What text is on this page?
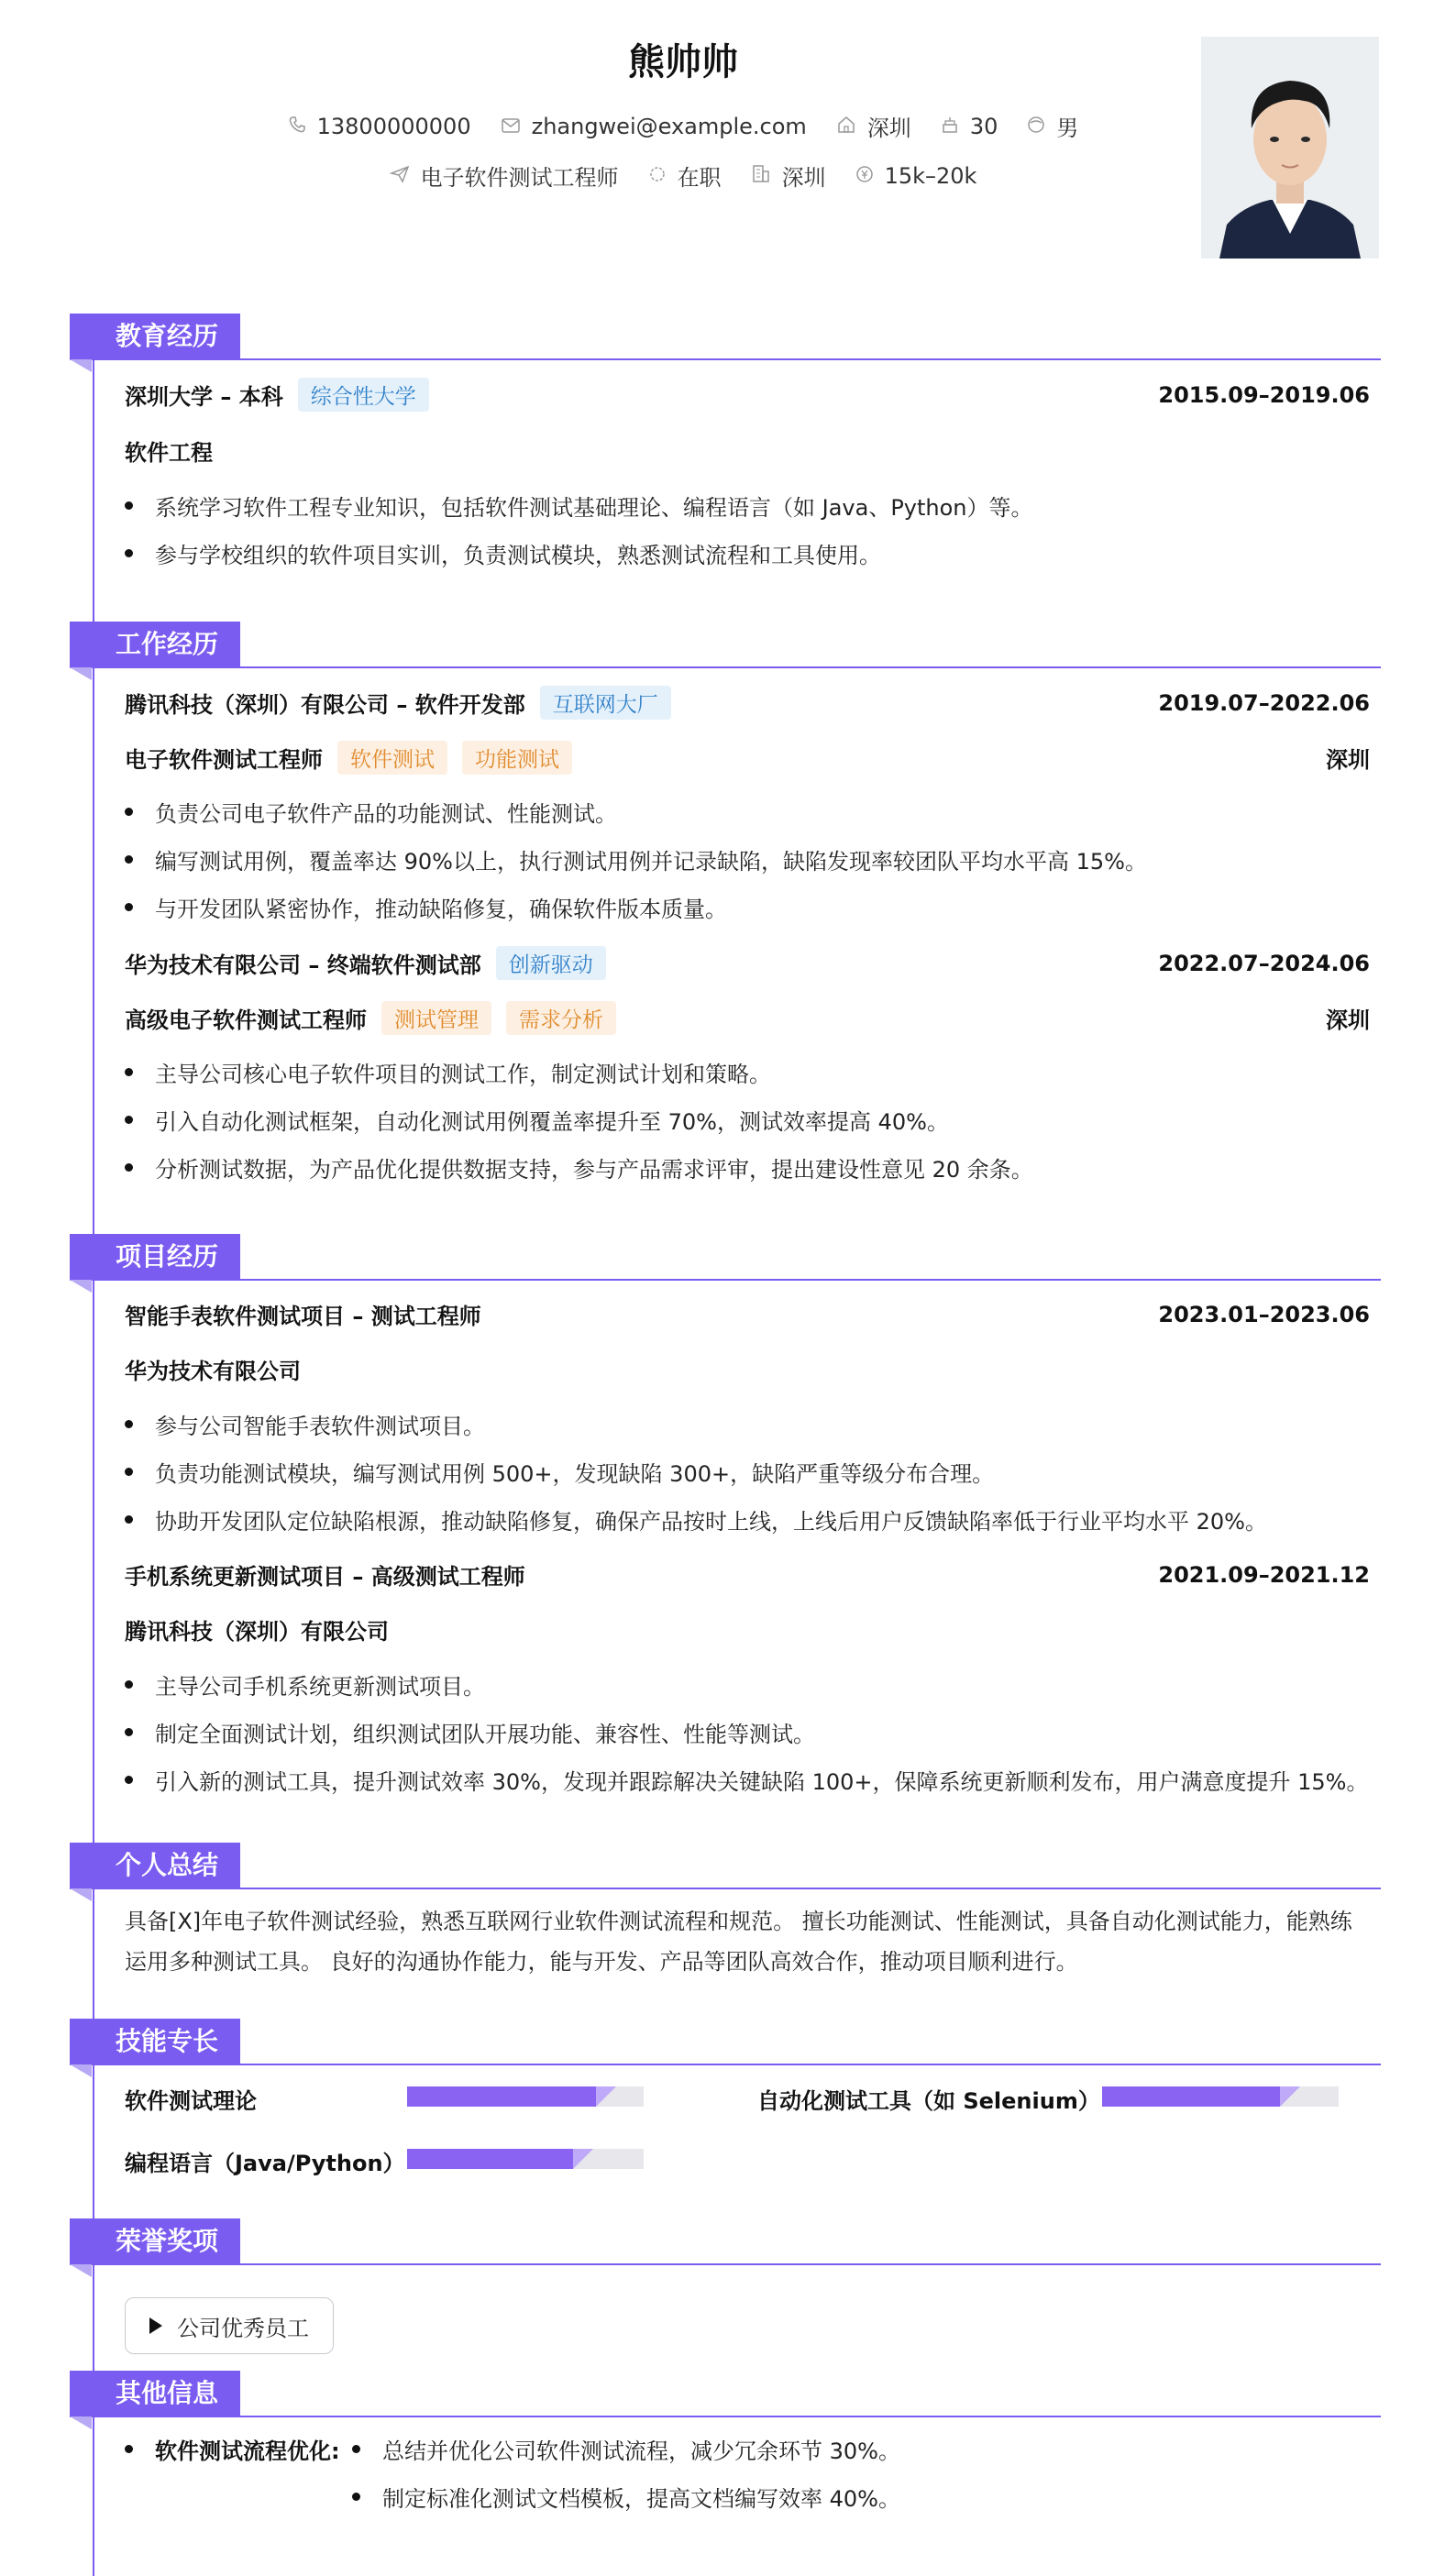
熊帅帅
13800000000	zhangwei@example.com	深圳	30	男
电子软件测试工程师	在职	深圳	15k–20k
教育经历
深圳大学 – 本科	综合性大学	2015.09–2019.06
软件工程
系统学习软件工程专业知识，包括软件测试基础理论、编程语言（如 Java、Python）等。
参与学校组织的软件项目实训，负责测试模块，熟悉测试流程和工具使用。
工作经历
腾讯科技（深圳）有限公司 – 软件开发部	互联网大厂	2019.07–2022.06
电子软件测试工程师	软件测试	功能测试	深圳
负责公司电子软件产品的功能测试、性能测试。
编写测试用例，覆盖率达 90%以上，执行测试用例并记录缺陷，缺陷发现率较团队平均水平高 15%。
与开发团队紧密协作，推动缺陷修复，确保软件版本质量。
华为技术有限公司 – 终端软件测试部	创新驱动	2022.07–2024.06
高级电子软件测试工程师	测试管理	需求分析	深圳
主导公司核心电子软件项目的测试工作，制定测试计划和策略。
引入自动化测试框架，自动化测试用例覆盖率提升至 70%，测试效率提高 40%。
分析测试数据，为产品优化提供数据支持，参与产品需求评审，提出建设性意见 20 余条。
项目经历
智能手表软件测试项目 – 测试工程师	2023.01–2023.06
华为技术有限公司
参与公司智能手表软件测试项目。
负责功能测试模块，编写测试用例 500+，发现缺陷 300+，缺陷严重等级分布合理。
协助开发团队定位缺陷根源，推动缺陷修复，确保产品按时上线，上线后用户反馈缺陷率低于行业平均水平 20%。
手机系统更新测试项目 – 高级测试工程师	2021.09–2021.12
腾讯科技（深圳）有限公司
主导公司手机系统更新测试项目。
制定全面测试计划，组织测试团队开展功能、兼容性、性能等测试。
引入新的测试工具，提升测试效率 30%，发现并跟踪解决关键缺陷 100+，保障系统更新顺利发布，用户满意度提升 15%。
个人总结
具备[X]年电子软件测试经验，熟悉互联网行业软件测试流程和规范。 擅长功能测试、性能测试，具备自动化测试能力，能熟练
运用多种测试工具。 良好的沟通协作能力，能与开发、产品等团队高效合作，推动项目顺利进行。
技能专长
软件测试理论	自动化测试工具（如 Selenium）
编程语言（Java/Python）
荣誉奖项
公司优秀员工
其他信息
软件测试流程优化: 总结并优化公司软件测试流程，减少冗余环节 30%。
制定标准化测试文档模板，提高文档编写效率 40%。
